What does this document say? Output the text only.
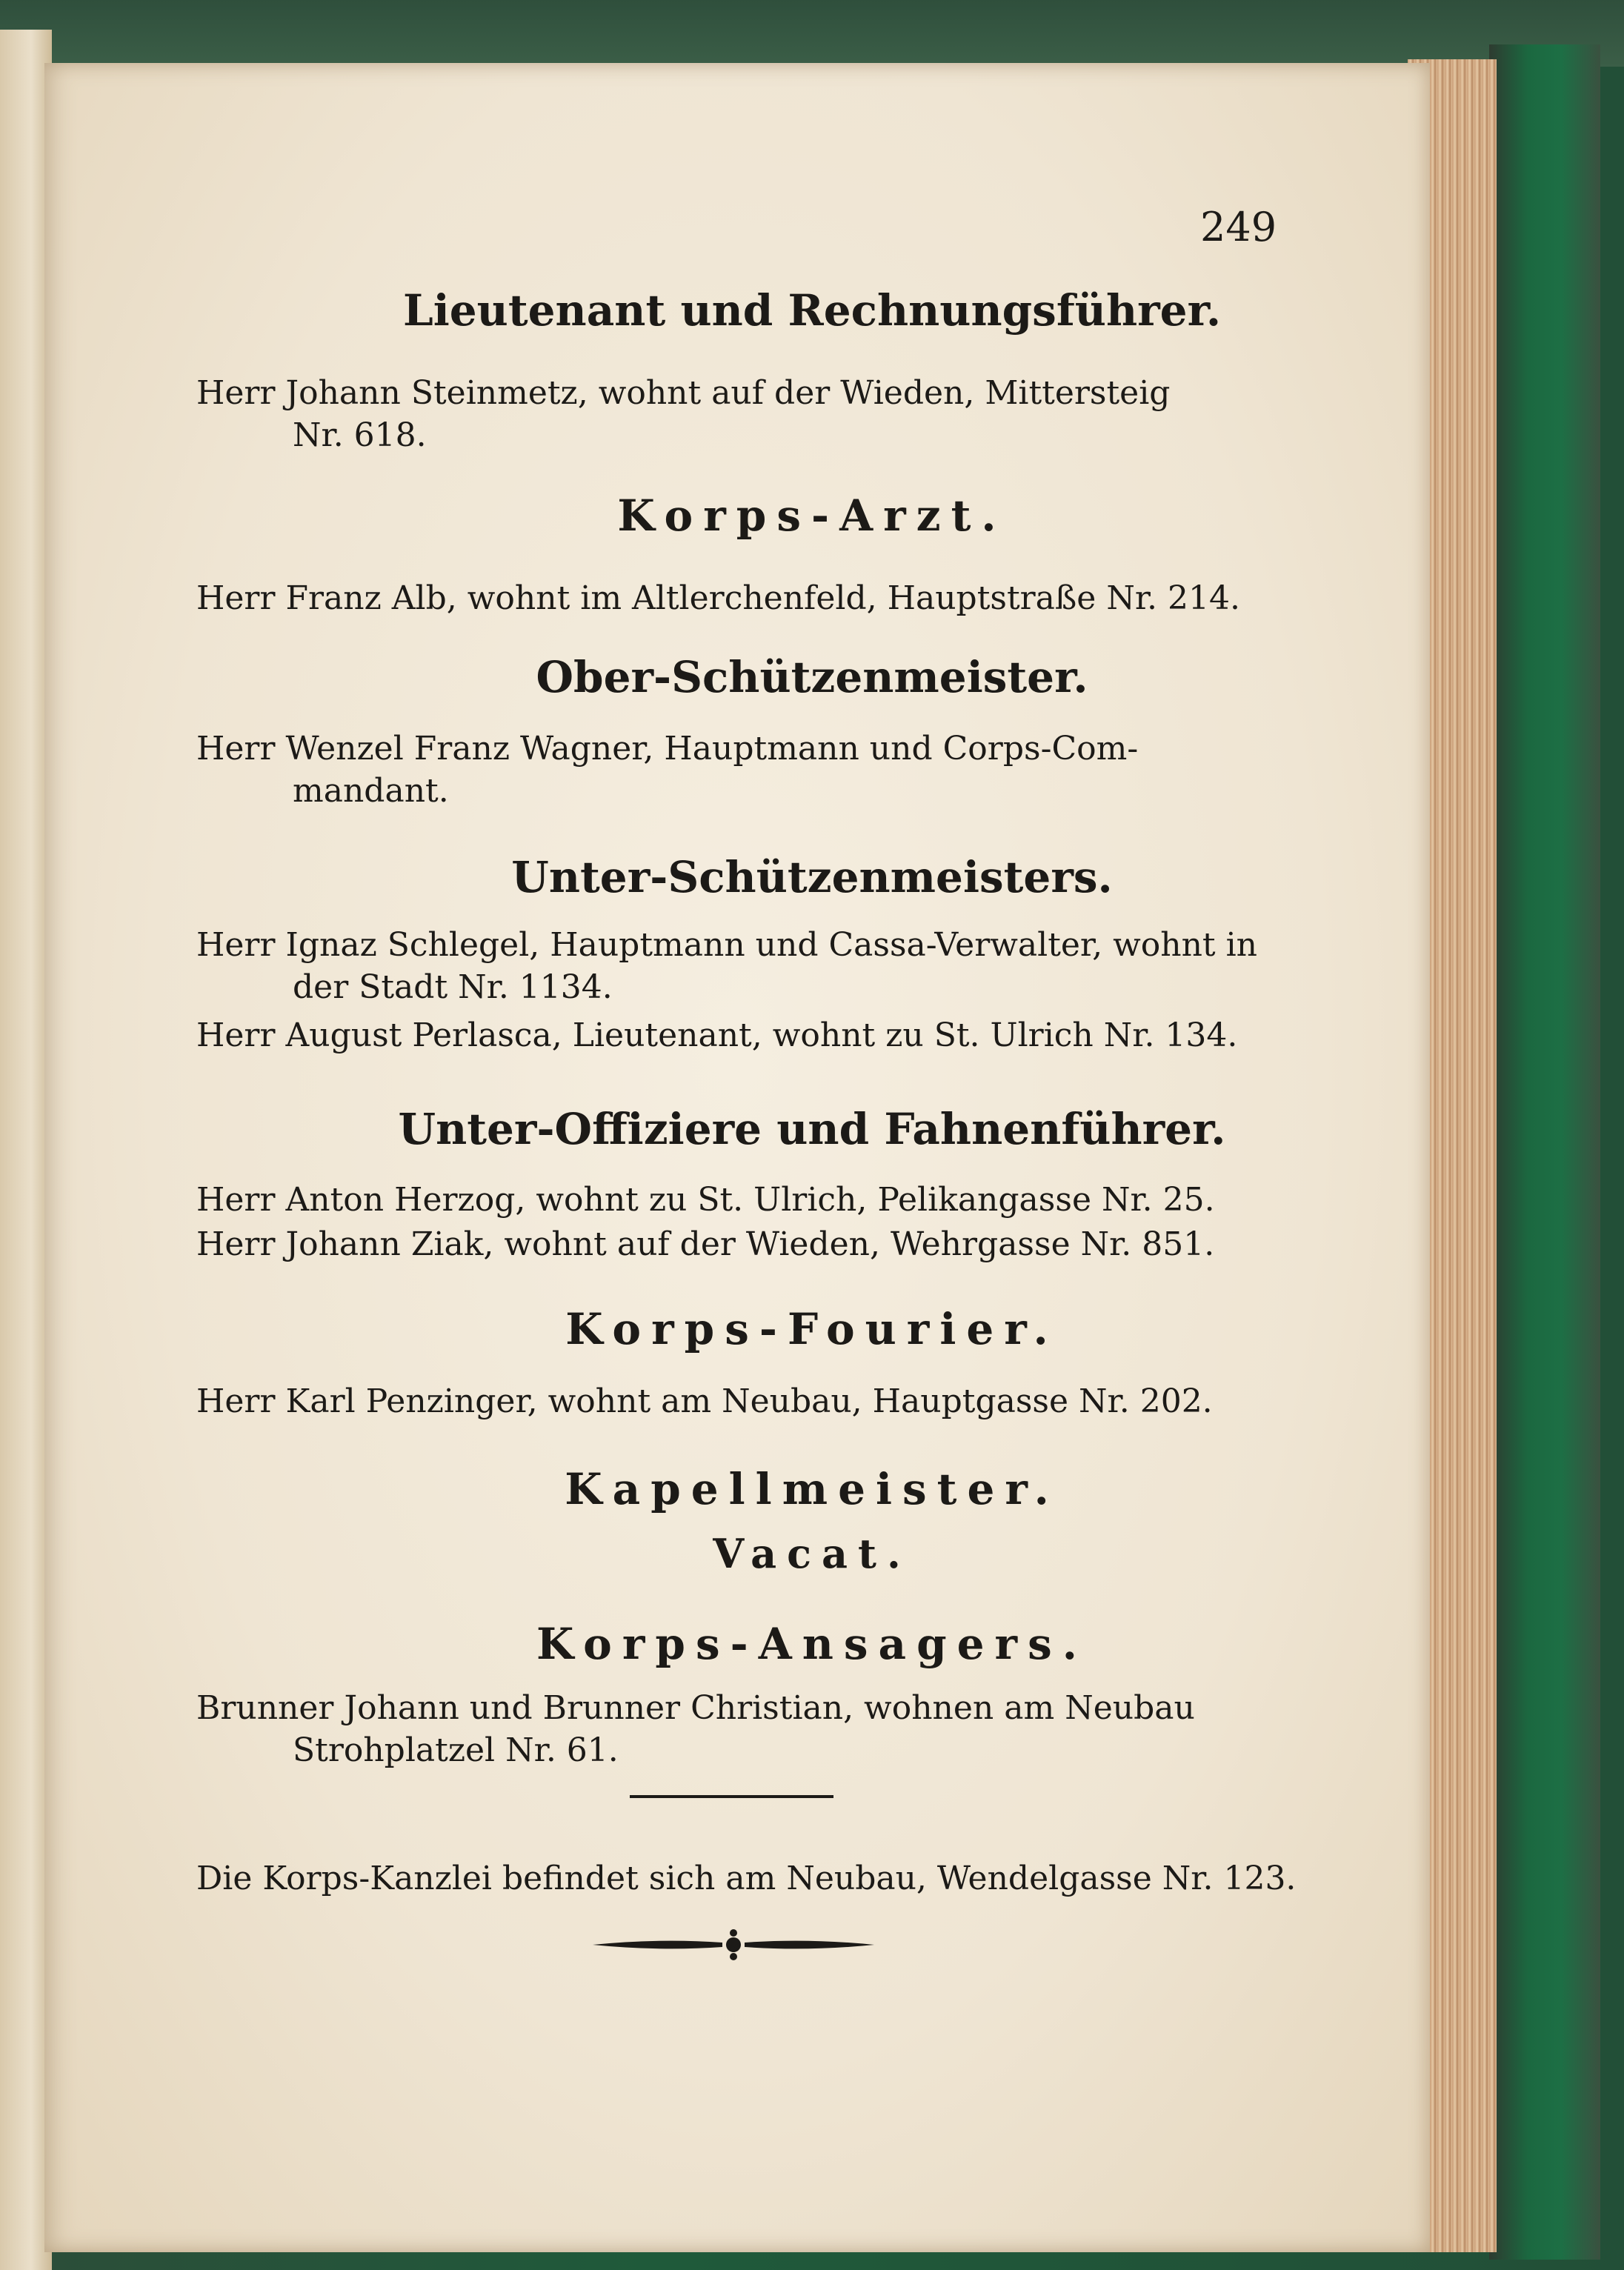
249
Lieutenant und Rechnungsführer.
Herr Johann Steinmetz, wohnt auf der Wieden, Mittersteig
Nr. 618.
Korps-Arzt.
Herr Franz Alb, wohnt im Altlerchenfeld, Hauptstraße Nr. 214.
Ober-Schützenmeister.
Herr Wenzel Franz Wagner, Hauptmann und Corps-Com-
mandant.
Unter-Schützenmeisters.
Herr Ignaz Schlegel, Hauptmann und Cassa-Verwalter, wohnt in
der Stadt Nr. 1134.
Herr August Perlasca, Lieutenant, wohnt zu St. Ulrich Nr. 134.
Unter-Offiziere und Fahnenführer.
Herr Anton Herzog, wohnt zu St. Ulrich, Pelikangasse Nr. 25.
Herr Johann Ziak, wohnt auf der Wieden, Wehrgasse Nr. 851.
Korps-Fourier.
Herr Karl Penzinger, wohnt am Neubau, Hauptgasse Nr. 202.
Kapellmeister.
Vacat.
Korps-Ansagers.
Brunner Johann und Brunner Christian, wohnen am Neubau
Strohplatzel Nr. 61.
Die Korps-Kanzlei befindet sich am Neubau, Wendelgasse Nr. 123.
